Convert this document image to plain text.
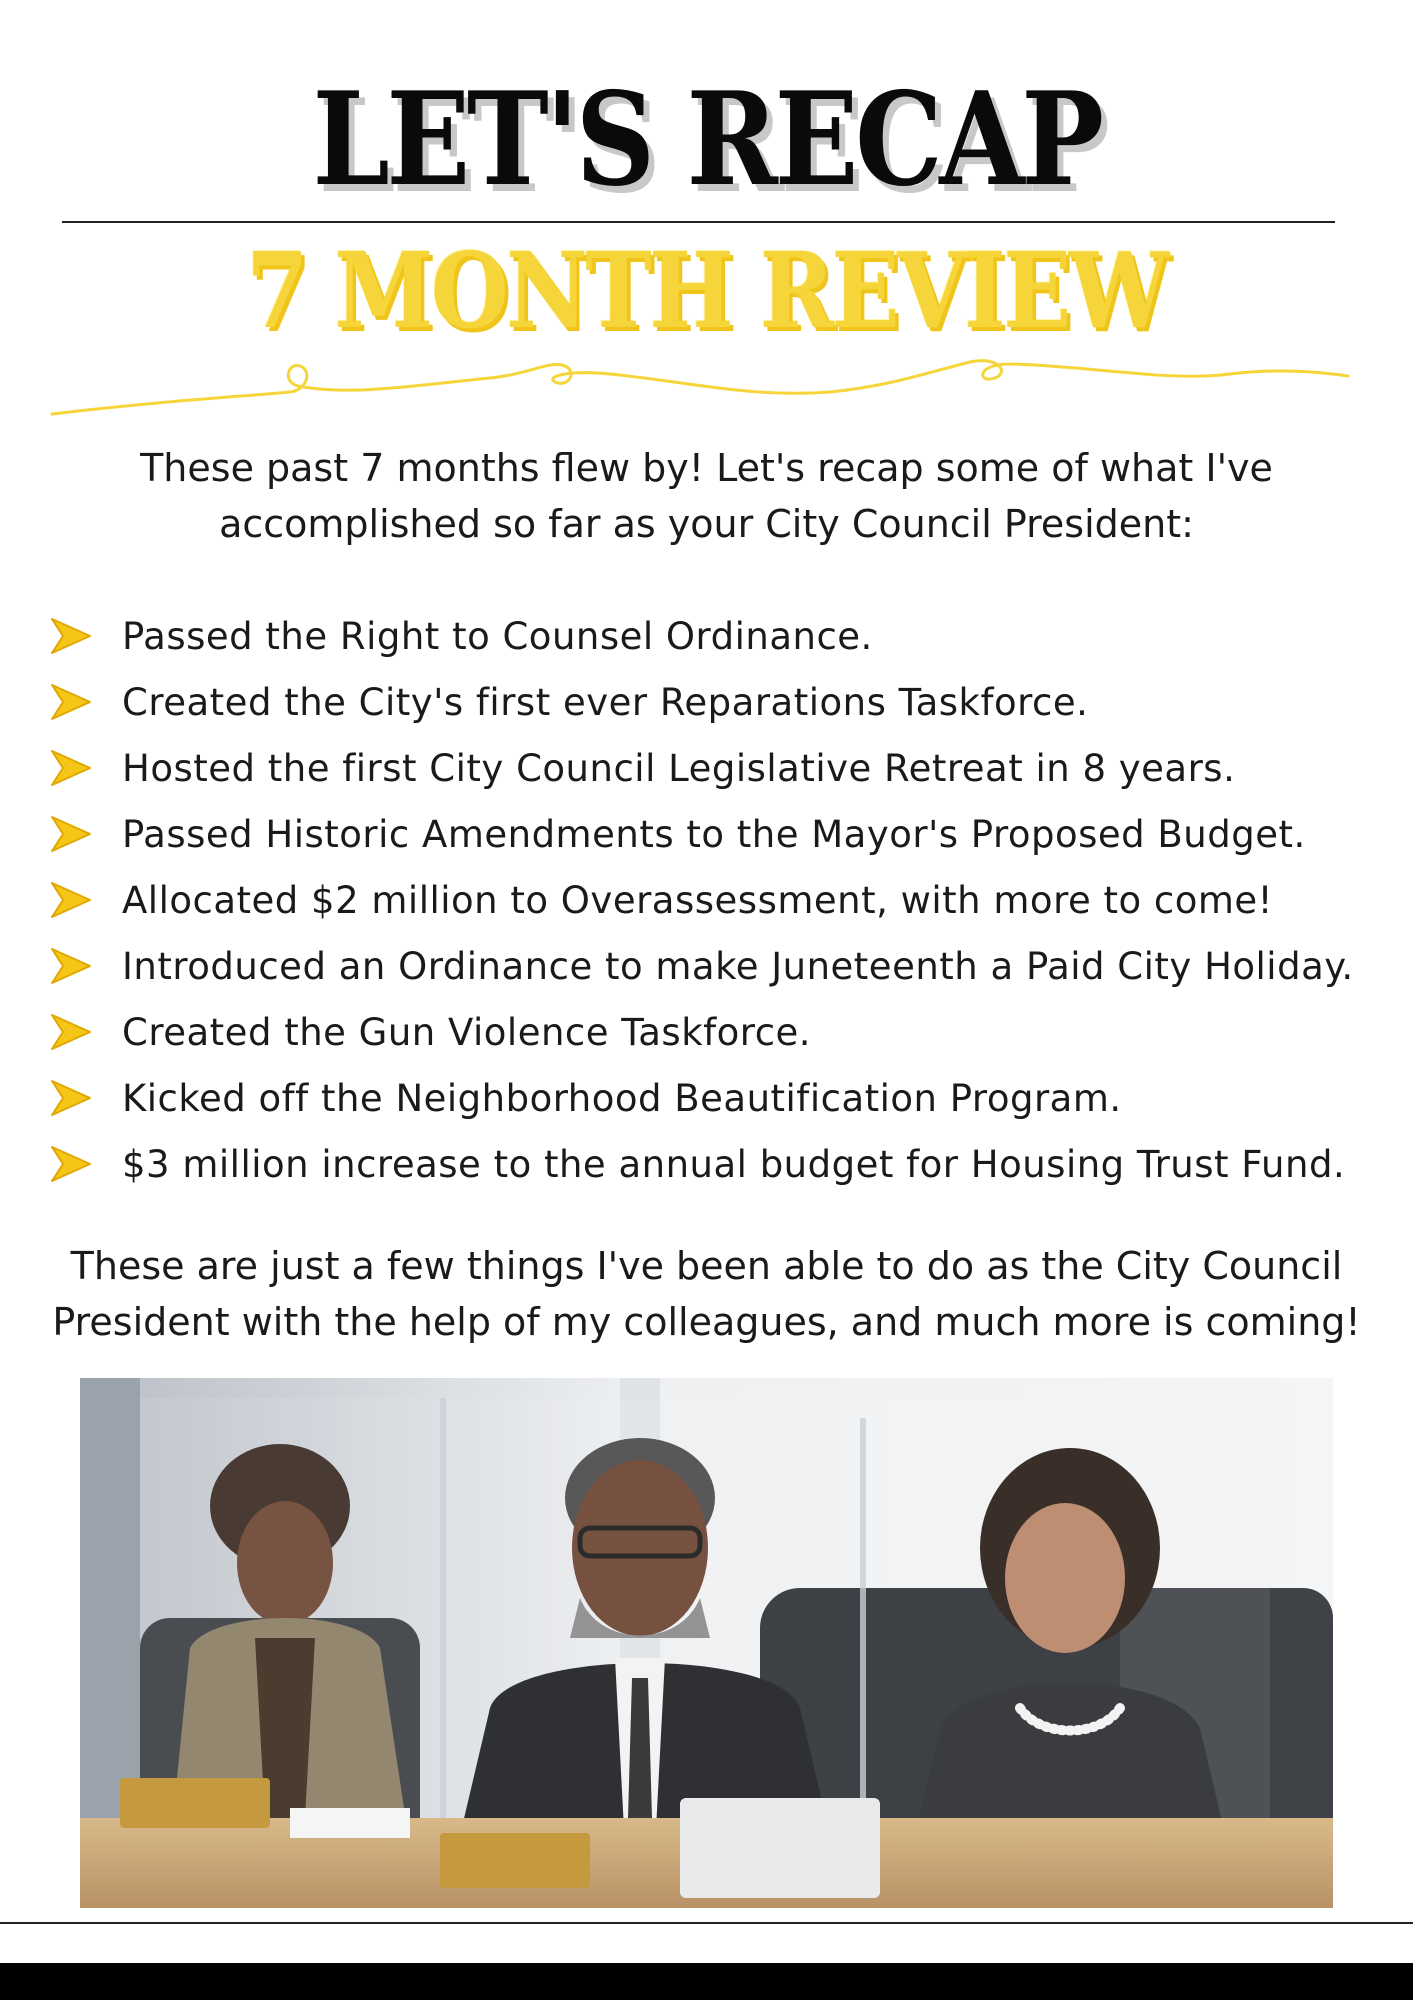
LET'S RECAP
7 MONTH REVIEW

These past 7 months flew by! Let's recap some of what I've accomplished so far as your City Council President:

Passed the Right to Counsel Ordinance.
Created the City's first ever Reparations Taskforce.
Hosted the first City Council Legislative Retreat in 8 years.
Passed Historic Amendments to the Mayor's Proposed Budget.
Allocated $2 million to Overassessment, with more to come!
Introduced an Ordinance to make Juneteenth a Paid City Holiday.
Created the Gun Violence Taskforce.
Kicked off the Neighborhood Beautification Program.
$3 million increase to the annual budget for Housing Trust Fund.

These are just a few things I've been able to do as the City Council President with the help of my colleagues, and much more is coming!
